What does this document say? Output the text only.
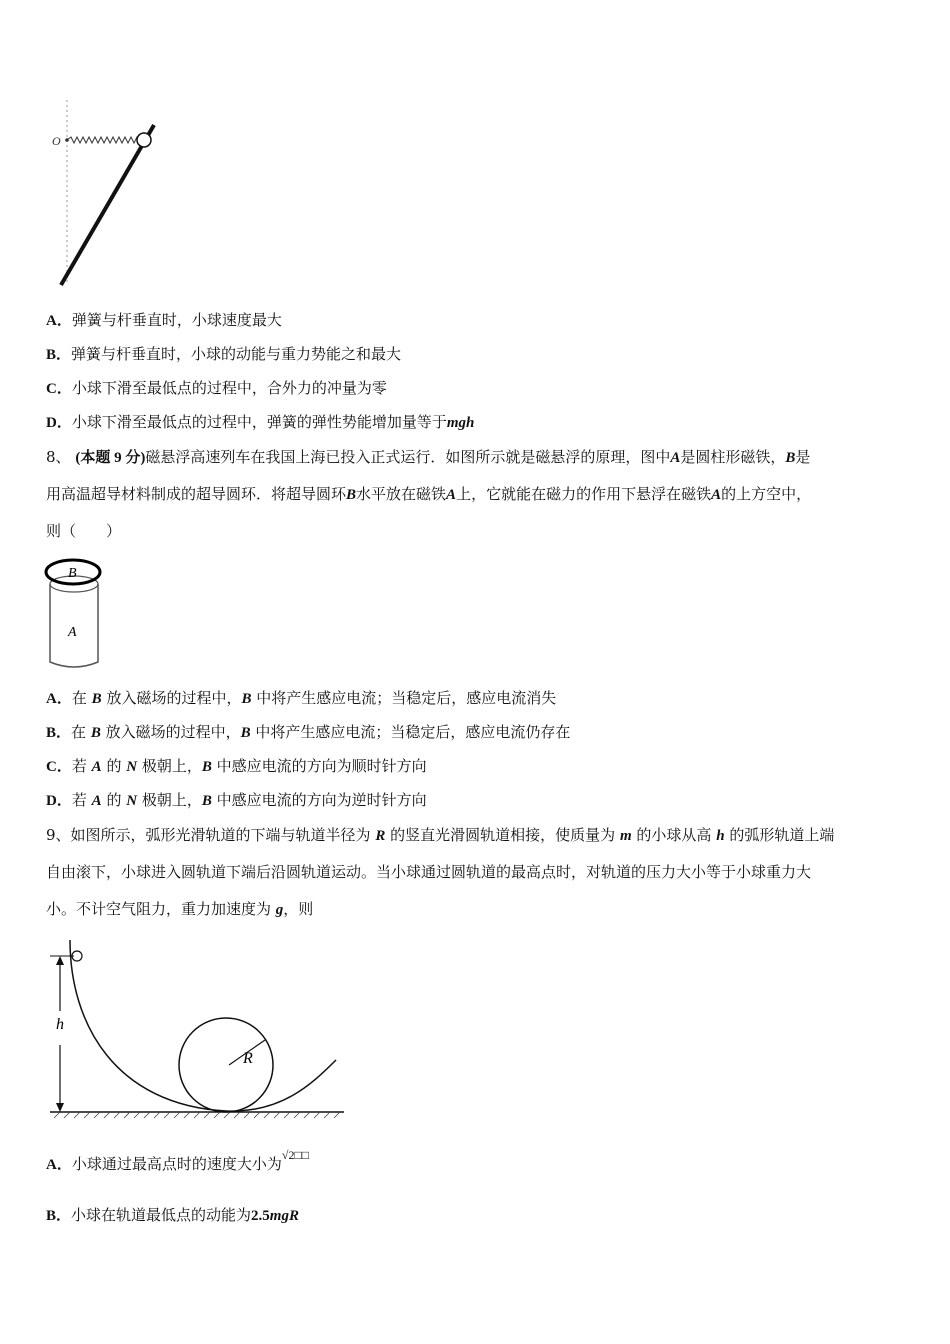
O
A．弹簧与杆垂直时，小球速度最大
B．弹簧与杆垂直时，小球的动能与重力势能之和最大
C．小球下滑至最低点的过程中，合外力的冲量为零
D．小球下滑至最低点的过程中，弹簧的弹性势能增加量等于mgh
8、 (本题 9 分)磁悬浮高速列车在我国上海已投入正式运行．如图所示就是磁悬浮的原理，图中A是圆柱形磁铁，B是
用高温超导材料制成的超导圆环．将超导圆环B水平放在磁铁A上，它就能在磁力的作用下悬浮在磁铁A的上方空中，
则（　　）
B
A
A．在 B 放入磁场的过程中，B 中将产生感应电流；当稳定后，感应电流消失
B．在 B 放入磁场的过程中，B 中将产生感应电流；当稳定后，感应电流仍存在
C．若 A 的 N 极朝上，B 中感应电流的方向为顺时针方向
D．若 A 的 N 极朝上，B 中感应电流的方向为逆时针方向
9、如图所示，弧形光滑轨道的下端与轨道半径为 R 的竖直光滑圆轨道相接，使质量为 m 的小球从高 h 的弧形轨道上端
自由滚下，小球进入圆轨道下端后沿圆轨道运动。当小球通过圆轨道的最高点时，对轨道的压力大小等于小球重力大
小。不计空气阻力，重力加速度为 g，则
R
h
A．小球通过最高点时的速度大小为$^{√2□□}$
B．小球在轨道最低点的动能为2.5mgR
